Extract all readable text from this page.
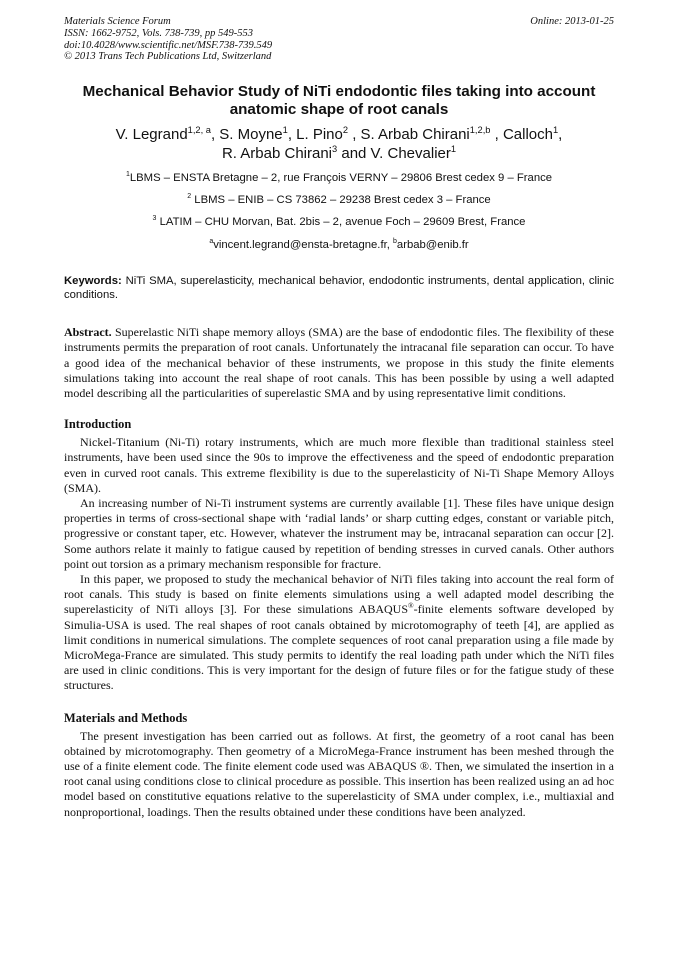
Materials Science Forum
ISSN: 1662-9752, Vols. 738-739, pp 549-553
doi:10.4028/www.scientific.net/MSF.738-739.549
© 2013 Trans Tech Publications Ltd, Switzerland
Online: 2013-01-25
Mechanical Behavior Study of NiTi endodontic files taking into account
anatomic shape of root canals
V. Legrand$^{1,2, a}$, S. Moyne$^1$, L. Pino$^2$ , S. Arbab Chirani$^{1,2,b}$ , Calloch$^1$,
R. Arbab Chirani$^3$ and V. Chevalier$^1$
$^1$LBMS – ENSTA Bretagne – 2, rue François VERNY – 29806 Brest cedex 9 – France
$^2$ LBMS – ENIB – CS 73862 – 29238 Brest cedex 3 – France
$^3$ LATIM – CHU Morvan, Bat. 2bis – 2, avenue Foch – 29609 Brest, France
$^a$vincent.legrand@ensta-bretagne.fr, $^b$arbab@enib.fr
Keywords: NiTi SMA, superelasticity, mechanical behavior, endodontic instruments, dental application, clinic conditions.
Abstract. Superelastic NiTi shape memory alloys (SMA) are the base of endodontic files. The flexibility of these instruments permits the preparation of root canals. Unfortunately the intracanal file separation can occur. To have a good idea of the mechanical behavior of these instruments, we propose in this study the finite elements simulations taking into account the real shape of root canals. This has been possible by using a well adapted model describing all the particularities of superelastic SMA and by using representative limit conditions.
Introduction

Nickel-Titanium (Ni-Ti) rotary instruments, which are much more flexible than traditional stainless steel instruments, have been used since the 90s to improve the effectiveness and the speed of endodontic preparation even in curved root canals. This extreme flexibility is due to the superelasticity of Ni-Ti Shape Memory Alloys (SMA).

An increasing number of Ni-Ti instrument systems are currently available [1]. These files have unique design properties in terms of cross-sectional shape with ‘radial lands’ or sharp cutting edges, constant or variable pitch, progressive or constant taper, etc. However, whatever the instrument may be, intracanal separation can occur [2]. Some authors relate it mainly to fatigue caused by repetition of bending stresses in curved canals. Other authors point out torsion as a primary mechanism responsible for fracture.

In this paper, we proposed to study the mechanical behavior of NiTi files taking into account the real form of root canals. This study is based on finite elements simulations using a well adapted model describing the superelasticity of NiTi alloys [3]. For these simulations ABAQUS®-finite elements software developed by Simulia-USA is used. The real shapes of root canals obtained by microtomography of teeth [4], are applied as limit conditions in numerical simulations. The complete sequences of root canal preparation using a file made by MicroMega-France are simulated. This study permits to identify the real loading path under which the NiTi files are used in clinic conditions. This is very important for the design of future files or for the fatigue study of these structures.

Materials and Methods

The present investigation has been carried out as follows. At first, the geometry of a root canal has been obtained by microtomography. Then geometry of a MicroMega-France instrument has been meshed through the use of a finite element code. The finite element code used was ABAQUS ®. Then, we simulated the insertion in a root canal using conditions close to clinical procedure as possible. This insertion has been realized using an ad hoc model based on constitutive equations relative to the superelasticity of SMA under complex, i.e., multiaxial and nonproportional, loadings. Then the results obtained under these conditions have been analyzed.
